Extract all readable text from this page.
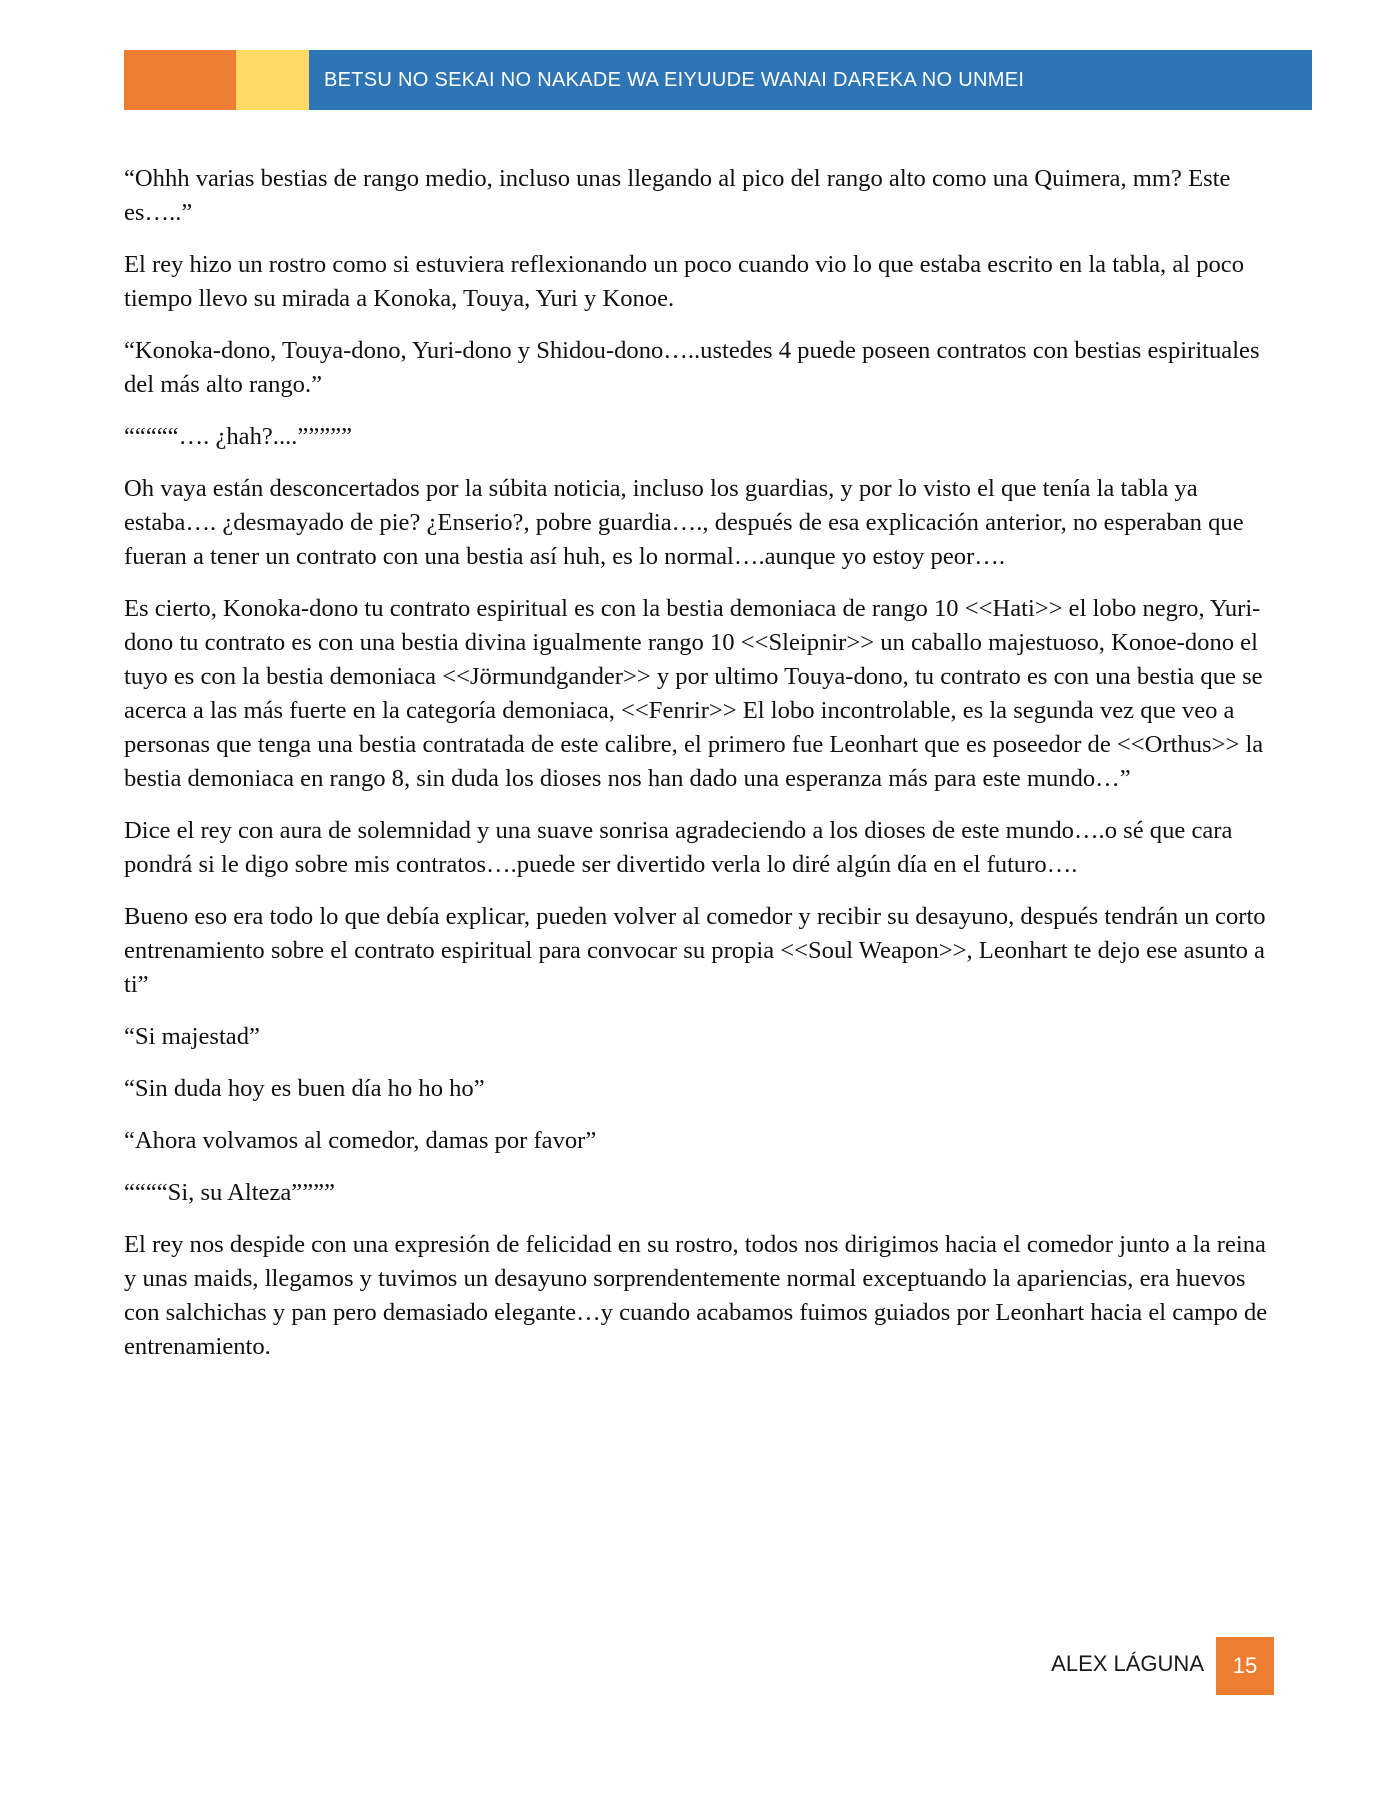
BETSU NO SEKAI NO NAKADE WA EIYUUDE WANAI DAREKA NO UNMEI

“Ohhh varias bestias de rango medio, incluso unas llegando al pico del rango alto como una Quimera, mm? Este es…..”

El rey hizo un rostro como si estuviera reflexionando un poco cuando vio lo que estaba escrito en la tabla, al poco tiempo llevo su mirada a Konoka, Touya, Yuri y Konoe.

“Konoka-dono, Touya-dono, Yuri-dono y Shidou-dono…..ustedes 4 puede poseen contratos con bestias espirituales del más alto rango.”

“““““…. ¿hah?....”””””

Oh vaya están desconcertados por la súbita noticia, incluso los guardias, y por lo visto el que tenía la tabla ya estaba…. ¿desmayado de pie? ¿Enserio?, pobre guardia…., después de esa explicación anterior, no esperaban que fueran a tener un contrato con una bestia así huh, es lo normal….aunque yo estoy peor….

Es cierto, Konoka-dono tu contrato espiritual es con la bestia demoniaca de rango 10 <<Hati>> el lobo negro, Yuri-dono tu contrato es con una bestia divina igualmente rango 10 <<Sleipnir>> un caballo majestuoso, Konoe-dono el tuyo es con la bestia demoniaca <<Jörmundgander>> y por ultimo Touya-dono, tu contrato es con una bestia que se acerca a las más fuerte en la categoría demoniaca, <<Fenrir>> El lobo incontrolable, es la segunda vez que veo a personas que tenga una bestia contratada de este calibre, el primero fue Leonhart que es poseedor de <<Orthus>> la bestia demoniaca en rango 8, sin duda los dioses nos han dado una esperanza más para este mundo…”

Dice el rey con aura de solemnidad y una suave sonrisa agradeciendo a los dioses de este mundo….o sé que cara pondrá si le digo sobre mis contratos….puede ser divertido verla lo diré algún día en el futuro….

Bueno eso era todo lo que debía explicar, pueden volver al comedor y recibir su desayuno, después tendrán un corto entrenamiento sobre el contrato espiritual para convocar su propia <<Soul Weapon>>, Leonhart te dejo ese asunto a ti”

“Si majestad”

“Sin duda hoy es buen día ho ho ho”

“Ahora volvamos al comedor, damas por favor”

““““Si, su Alteza””””

El rey nos despide con una expresión de felicidad en su rostro, todos nos dirigimos hacia el comedor junto a la reina y unas maids, llegamos y tuvimos un desayuno sorprendentemente normal exceptuando la apariencias, era huevos con salchichas y pan pero demasiado elegante…y cuando acabamos fuimos guiados por Leonhart hacia el campo de entrenamiento.

ALEX LÁGUNA	15
